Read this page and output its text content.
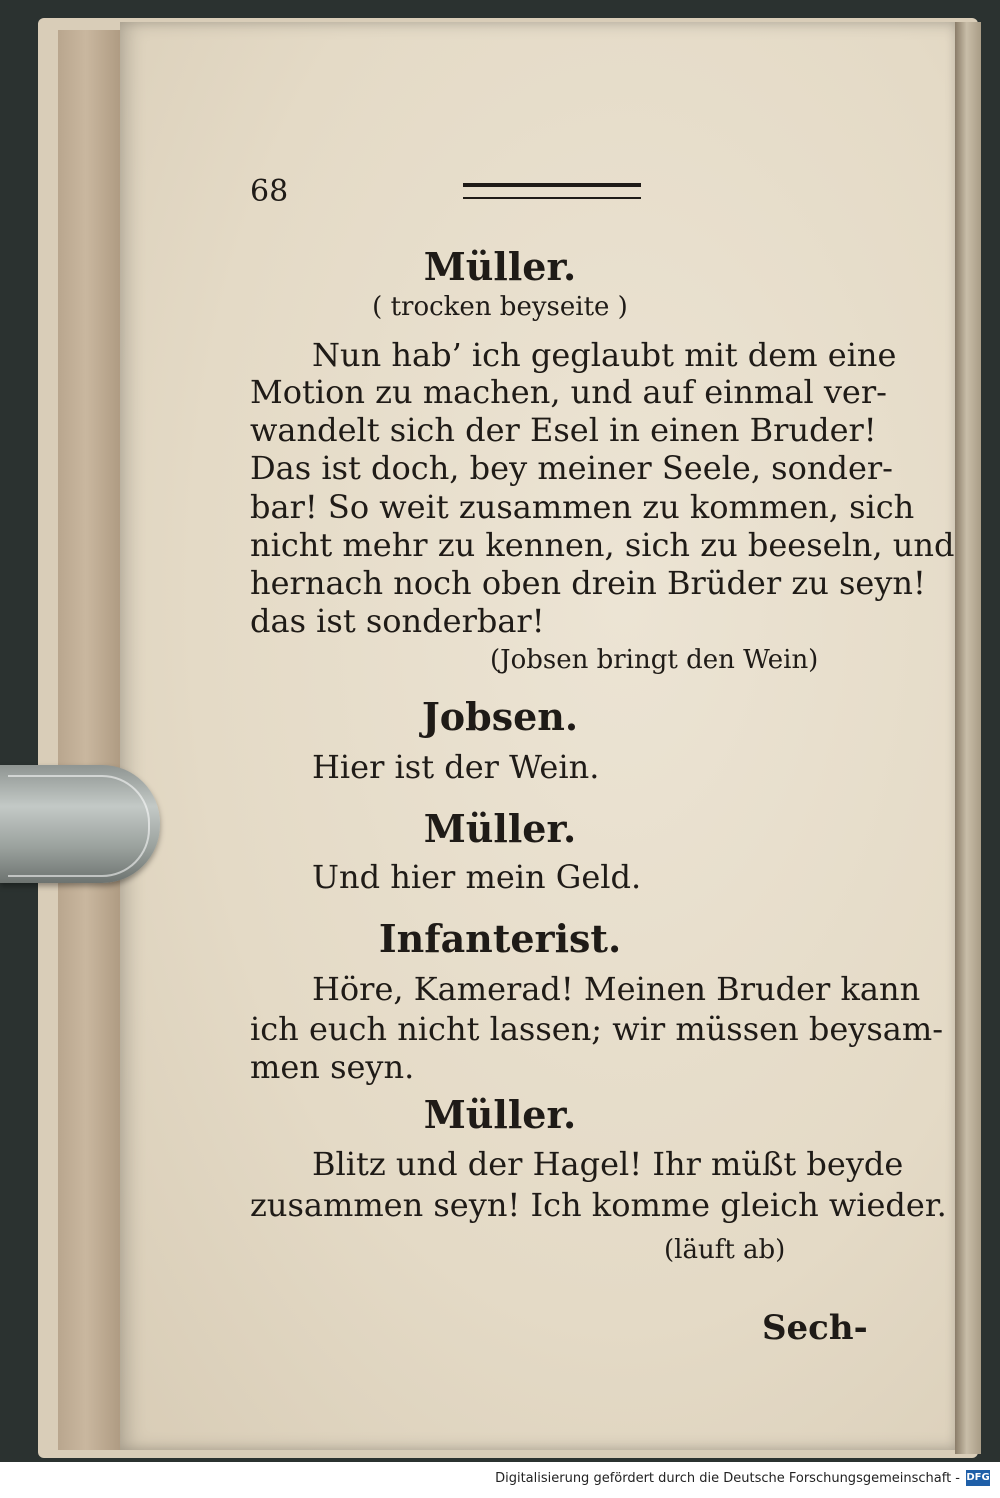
68

Müller.

( trocken beyseite )

Nun hab’ ich geglaubt mit dem eine

Motion zu machen, und auf einmal ver-

wandelt sich der Esel in einen Bruder!

Das ist doch, bey meiner Seele, sonder-

bar! So weit zusammen zu kommen, sich

nicht mehr zu kennen, sich zu beeseln, und

hernach noch oben drein Brüder zu seyn!

das ist sonderbar!

(Jobsen bringt den Wein)

Jobsen.

Hier ist der Wein.

Müller.

Und hier mein Geld.

Infanterist.

Höre, Kamerad! Meinen Bruder kann

ich euch nicht lassen; wir müssen beysam-

men seyn.

Müller.

Blitz und der Hagel! Ihr müßt beyde

zusammen seyn! Ich komme gleich wieder.

(läuft ab)

Sech-

Digitalisierung gefördert durch die Deutsche Forschungsgemeinschaft - DFG
